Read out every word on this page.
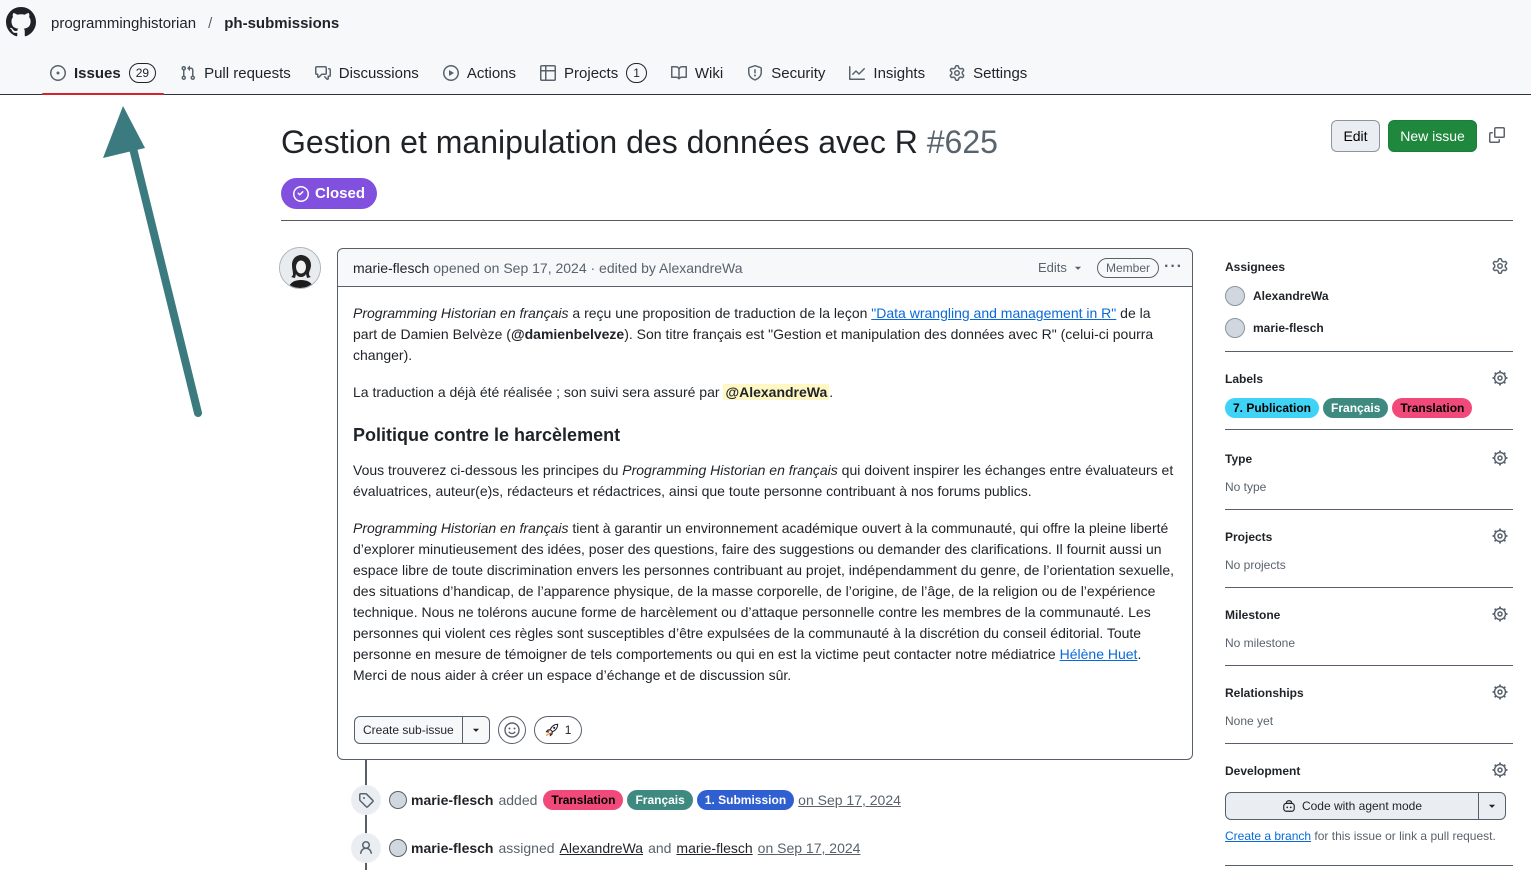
programminghistorian / ph-submissions
Issues	29	Pull requests	Discussions	Actions	Projects	1	Wiki	Security	Insights	Settings
Gestion et manipulation des données avec R #625
Closed
Edit	New issue
marie-flesch opened on Sep 17, 2024 · edited by AlexandreWa	Edits	Member ···

Programming Historian en français a reçu une proposition de traduction de la leçon "Data wrangling and management in R" de la part de Damien Belvèze (@damienbelveze). Son titre français est "Gestion et manipulation des données avec R" (celui-ci pourra changer).

La traduction a déjà été réalisée ; son suivi sera assuré par @AlexandreWa .

Politique contre le harcèlement

Vous trouverez ci-dessous les principes du Programming Historian en français qui doivent inspirer les échanges entre évaluateurs et évaluatrices, auteur(e)s, rédacteurs et rédactrices, ainsi que toute personne contribuant à nos forums publics.

Programming Historian en français tient à garantir un environnement académique ouvert à la communauté, qui offre la pleine liberté d’explorer minutieusement des idées, poser des questions, faire des suggestions ou demander des clarifications. Il fournit aussi un espace libre de toute discrimination envers les personnes contribuant au projet, indépendamment du genre, de l’orientation sexuelle, des situations d’handicap, de l’apparence physique, de la masse corporelle, de l’origine, de l’âge, de la religion ou de l’expérience technique. Nous ne tolérons aucune forme de harcèlement ou d’attaque personnelle contre les membres de la communauté. Les personnes qui violent ces règles sont susceptibles d’être expulsées de la communauté à la discrétion du conseil éditorial. Toute personne en mesure de témoigner de tels comportements ou qui en est la victime peut contacter notre médiatrice Hélène Huet. Merci de nous aider à créer un espace d’échange et de discussion sûr.

Create sub-issue	1
marie-flesch added	Translation	Français	1. Submission on Sep 17, 2024
marie-flesch assigned AlexandreWa and marie-flesch on Sep 17, 2024
Assignees
AlexandreWa
marie-flesch
Labels
7. Publication	Français	Translation
Type
No type
Projects
No projects
Milestone
No milestone
Relationships
None yet
Development
Code with agent mode
Create a branch for this issue or link a pull request.
